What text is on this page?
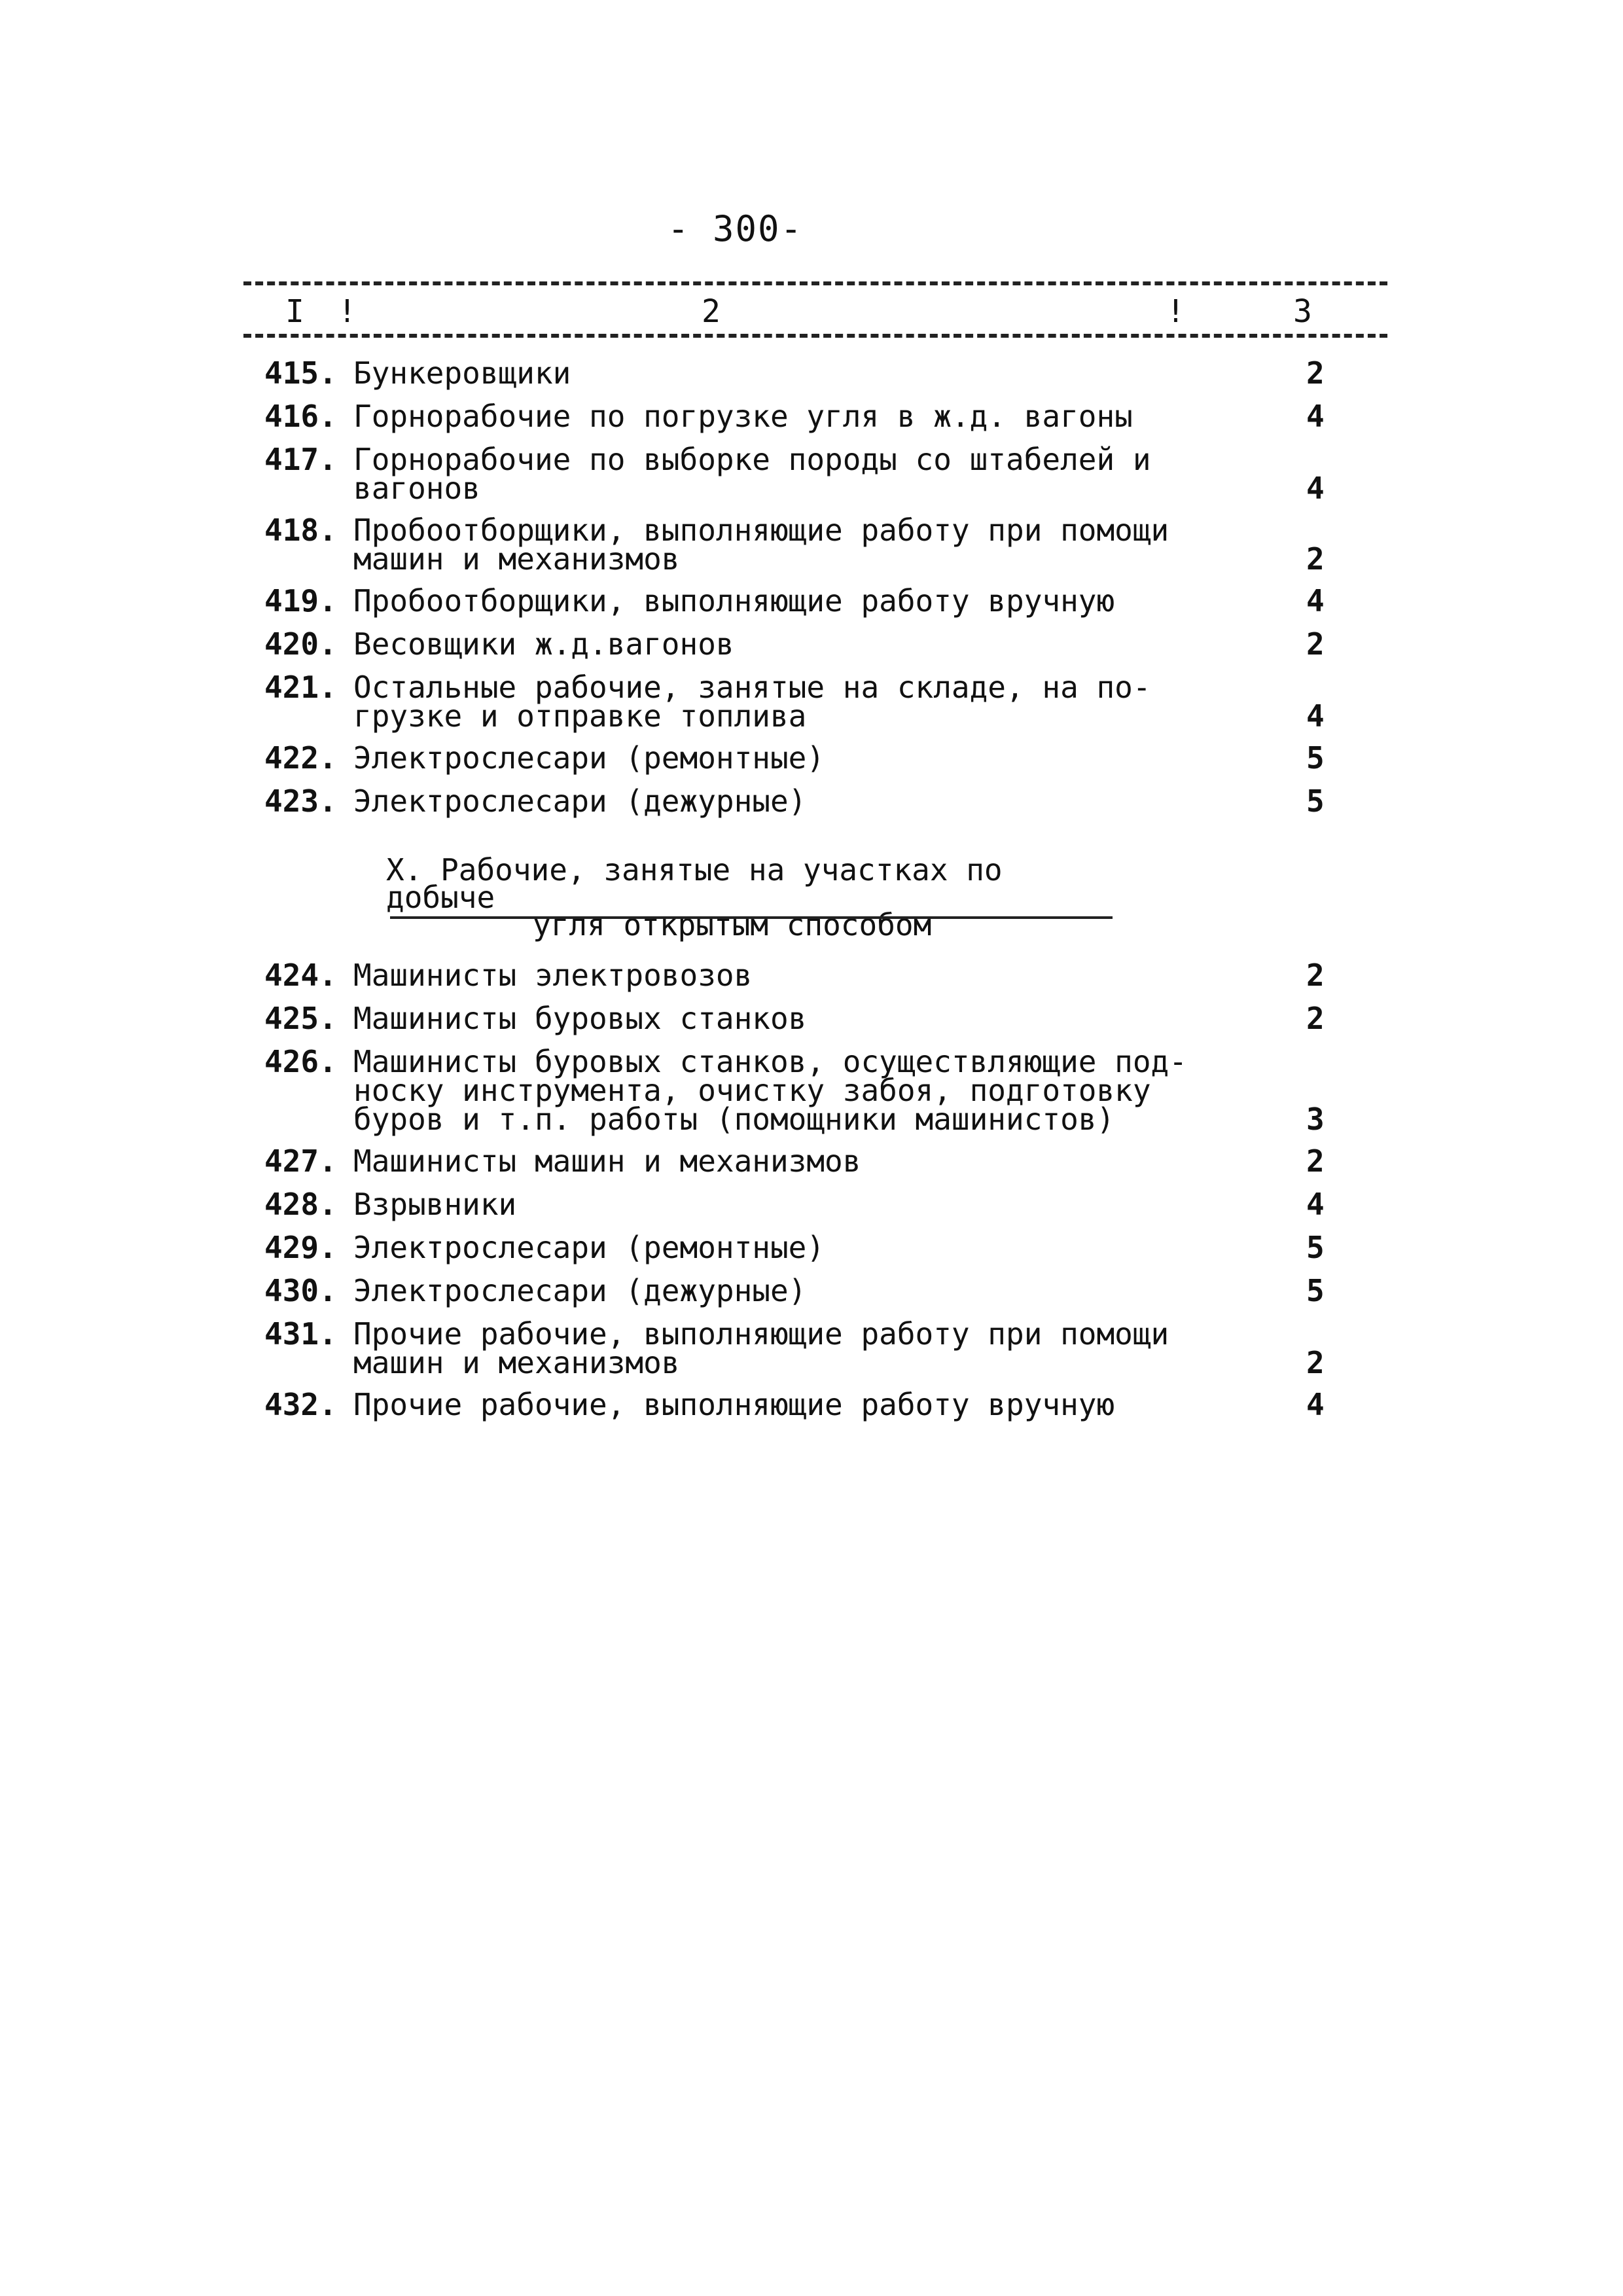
- 300-
I !	2	!	3
415. Бункеровщики	2
416. Горнорабочие по погрузке угля в ж.д. вагоны	4
417. Горнорабочие по выборке породы со штабелей и
вагонов	4
418. Пробоотборщики, выполняющие работу при помощи
машин и механизмов	2
419. Пробоотборщики, выполняющие работу вручную	4
420. Весовщики ж.д.вагонов	2
421. Остальные рабочие, занятые на складе, на по-
грузке и отправке топлива	4
422. Электрослесари (ремонтные)	5
423. Электрослесари (дежурные)	5
X. Рабочие, занятые на участках по добыче
угля открытым способом
424. Машинисты электровозов	2
425. Машинисты буровых станков	2
426. Машинисты буровых станков, осуществляющие под-
носку инструмента, очистку забоя, подготовку
буров и т.п. работы (помощники машинистов)	3
427. Машинисты машин и механизмов	2
428. Взрывники	4
429. Электрослесари (ремонтные)	5
430. Электрослесари (дежурные)	5
431. Прочие рабочие, выполняющие работу при помощи
машин и механизмов	2
432. Прочие рабочие, выполняющие работу вручную	4
